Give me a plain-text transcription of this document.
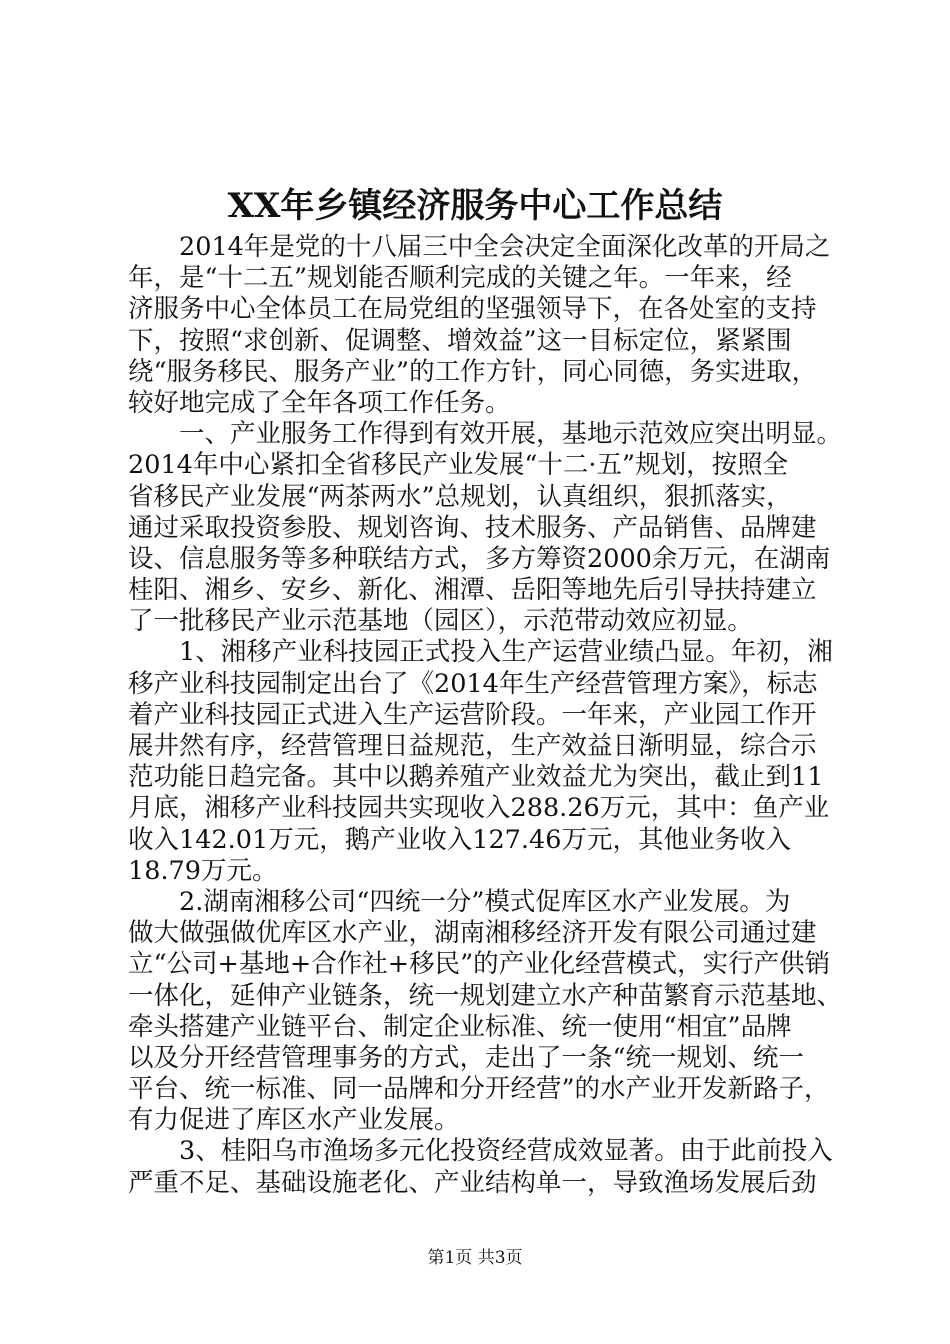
XX年乡镇经济服务中心工作总结
2014年是党的十八届三中全会决定全面深化改革的开局之
年，是“十二五”规划能否顺利完成的关键之年。一年来，经
济服务中心全体员工在局党组的坚强领导下，在各处室的支持
下，按照“求创新、促调整、增效益”这一目标定位，紧紧围
绕“服务移民、服务产业”的工作方针，同心同德，务实进取，
较好地完成了全年各项工作任务。
一、产业服务工作得到有效开展，基地示范效应突出明显。
2014年中心紧扣全省移民产业发展“十二·五”规划，按照全
省移民产业发展“两茶两水”总规划，认真组织，狠抓落实，
通过采取投资参股、规划咨询、技术服务、产品销售、品牌建
设、信息服务等多种联结方式，多方筹资2000余万元，在湖南
桂阳、湘乡、安乡、新化、湘潭、岳阳等地先后引导扶持建立
了一批移民产业示范基地（园区），示范带动效应初显。
1、湘移产业科技园正式投入生产运营业绩凸显。年初，湘
移产业科技园制定出台了《2014年生产经营管理方案》，标志
着产业科技园正式进入生产运营阶段。一年来，产业园工作开
展井然有序，经营管理日益规范，生产效益日渐明显，综合示
范功能日趋完备。其中以鹅养殖产业效益尤为突出，截止到11
月底，湘移产业科技园共实现收入288.26万元，其中：鱼产业
收入142.01万元，鹅产业收入127.46万元，其他业务收入
18.79万元。
2.湖南湘移公司“四统一分”模式促库区水产业发展。为
做大做强做优库区水产业，湖南湘移经济开发有限公司通过建
立“公司+基地+合作社+移民”的产业化经营模式，实行产供销
一体化，延伸产业链条，统一规划建立水产种苗繁育示范基地、
牵头搭建产业链平台、制定企业标准、统一使用“相宜”品牌
以及分开经营管理事务的方式，走出了一条“统一规划、统一
平台、统一标准、同一品牌和分开经营”的水产业开发新路子，
有力促进了库区水产业发展。
3、桂阳乌市渔场多元化投资经营成效显著。由于此前投入
严重不足、基础设施老化、产业结构单一，导致渔场发展后劲
第1页 共3页
